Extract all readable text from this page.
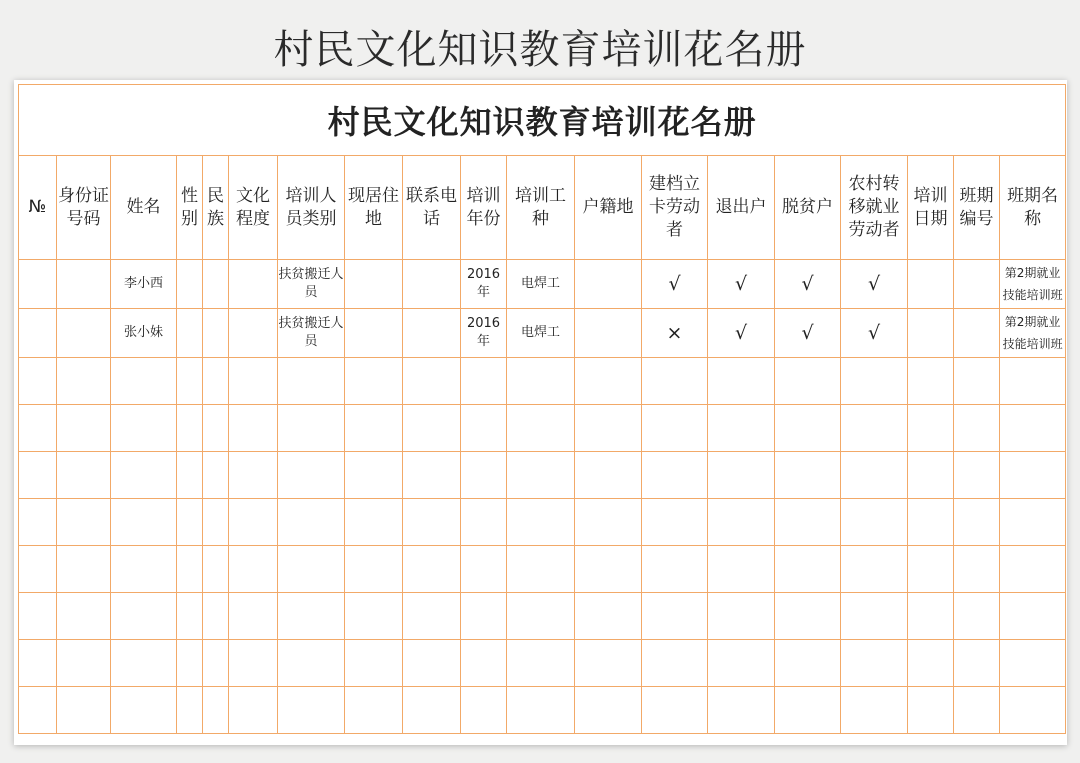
村民文化知识教育培训花名册
村民文化知识教育培训花名册																		
№	身份证号码	姓名	性别	民族	文化程度	培训人员类别	现居住地	联系电话	培训年份	培训工种	户籍地	建档立卡劳动者	退出户	脱贫户	农村转移就业劳动者	培训日期	班期编号	班期名称
		李小西				扶贫搬迁人员			2016年	电焊工		√	√	√	√			第2期就业技能培训班

		张小妹				扶贫搬迁人员			2016年	电焊工		×	√	√	√			第2期就业技能培训班
